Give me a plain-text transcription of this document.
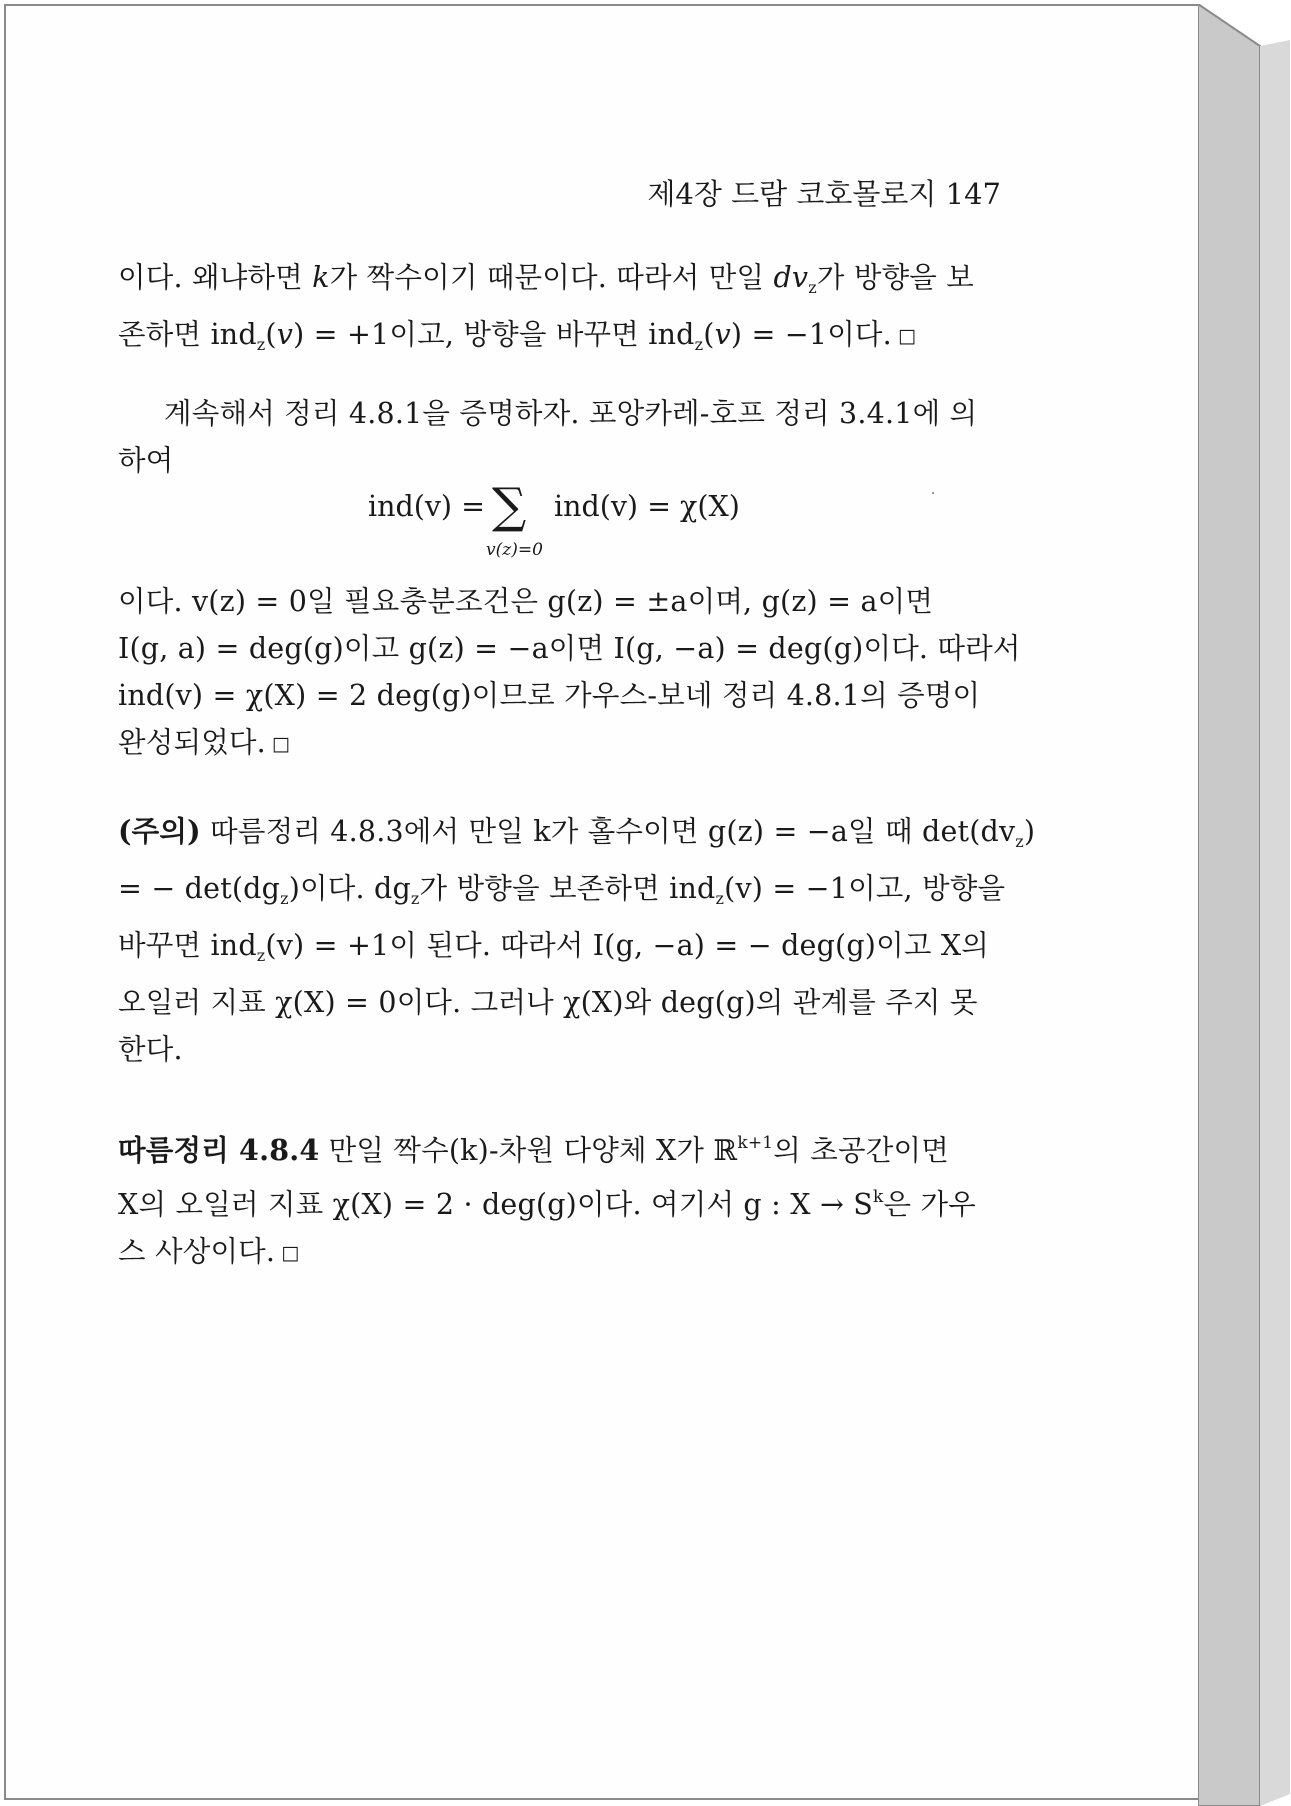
제4장 드람 코호몰로지 147
이다. 왜냐하면 k가 짝수이기 때문이다. 따라서 만일 $dv_z$가 방향을 보
존하면 ind$_z$(v) = +1이고, 방향을 바꾸면 ind$_z$(v) = −1이다. □
계속해서 정리 4.8.1을 증명하자. 포앙카레-호프 정리 3.4.1에 의
하여
ind(v) = ∑
v(z)=0
ind(v) = χ(X)
이다. v(z) = 0일 필요충분조건은 g(z) = ±a이며, g(z) = a이면
I(g, a) = deg(g)이고 g(z) = −a이면 I(g, −a) = deg(g)이다. 따라서
ind(v) = χ(X) = 2 deg(g)이므로 가우스-보네 정리 4.8.1의 증명이
완성되었다. □
(주의) 따름정리 4.8.3에서 만일 k가 홀수이면 g(z) = −a일 때 $\det(dv_z)$
= − $\det(dg_z)$이다. $dg_z$가 방향을 보존하면 ind$_z$(v) = −1이고, 방향을
바꾸면 ind$_z$(v) = +1이 된다. 따라서 I(g, −a) = − deg(g)이고 X의
오일러 지표 χ(X) = 0이다. 그러나 χ(X)와 deg(g)의 관계를 주지 못
한다.
따름정리 4.8.4 만일 짝수(k)-차원 다양체 X가 ℝ$^{k+1}$의 초공간이면
X의 오일러 지표 χ(X) = 2 · deg(g)이다. 여기서 g : $X \to S^k$은 가우
스 사상이다. □
